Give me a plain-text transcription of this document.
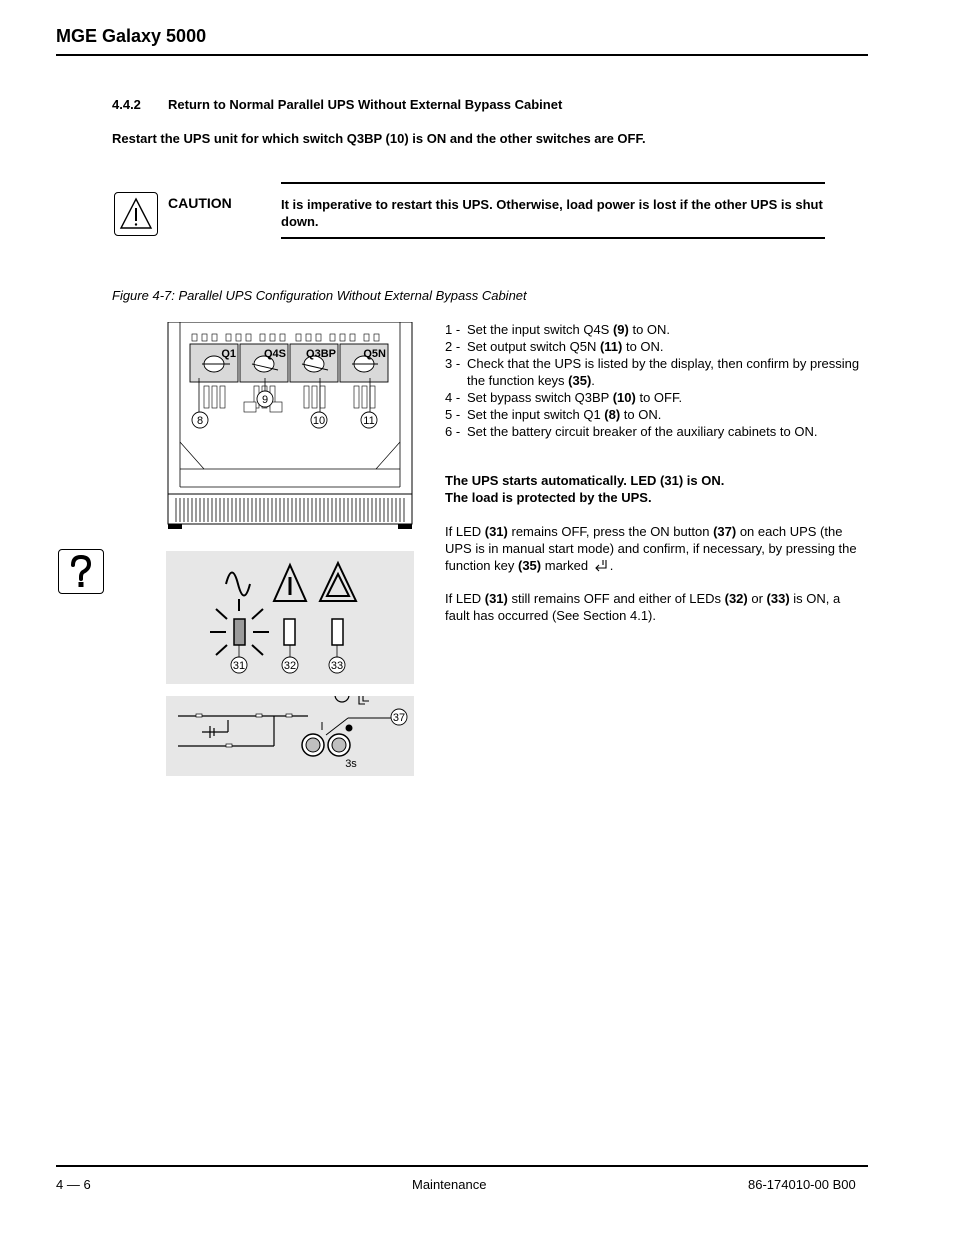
MGE Galaxy 5000
4.4.2 Return to Normal Parallel UPS Without External Bypass Cabinet
Restart the UPS unit for which switch Q3BP (10) is ON and the other switches are OFF.
CAUTION	It is imperative to restart this UPS. Otherwise, load power is lost if the other UPS is shut down.
Figure 4-7: Parallel UPS Configuration Without External Bypass Cabinet
Q1	Q4S Q3BP Q5N
8
9
10	11
31	32	33
37
3s
1 - Set the input switch Q4S (9) to ON.
2 - Set output switch Q5N (11) to ON.
3 - Check that the UPS is listed by the display, then confirm by pressing the function keys (35).
4 - Set bypass switch Q3BP (10) to OFF.
5 - Set the input switch Q1 (8) to ON.
6 - Set the battery circuit breaker of the auxiliary cabinets to ON.
The UPS starts automatically. LED (31) is ON.
The load is protected by the UPS.
If LED (31) remains OFF, press the ON button (37) on each UPS (the UPS is in manual start mode) and confirm, if necessary, by pressing the function key (35) marked .
If LED (31) still remains OFF and either of LEDs (32) or (33) is ON, a fault has occurred (See Section 4.1).
4 — 6	Maintenance	86-174010-00 B00
